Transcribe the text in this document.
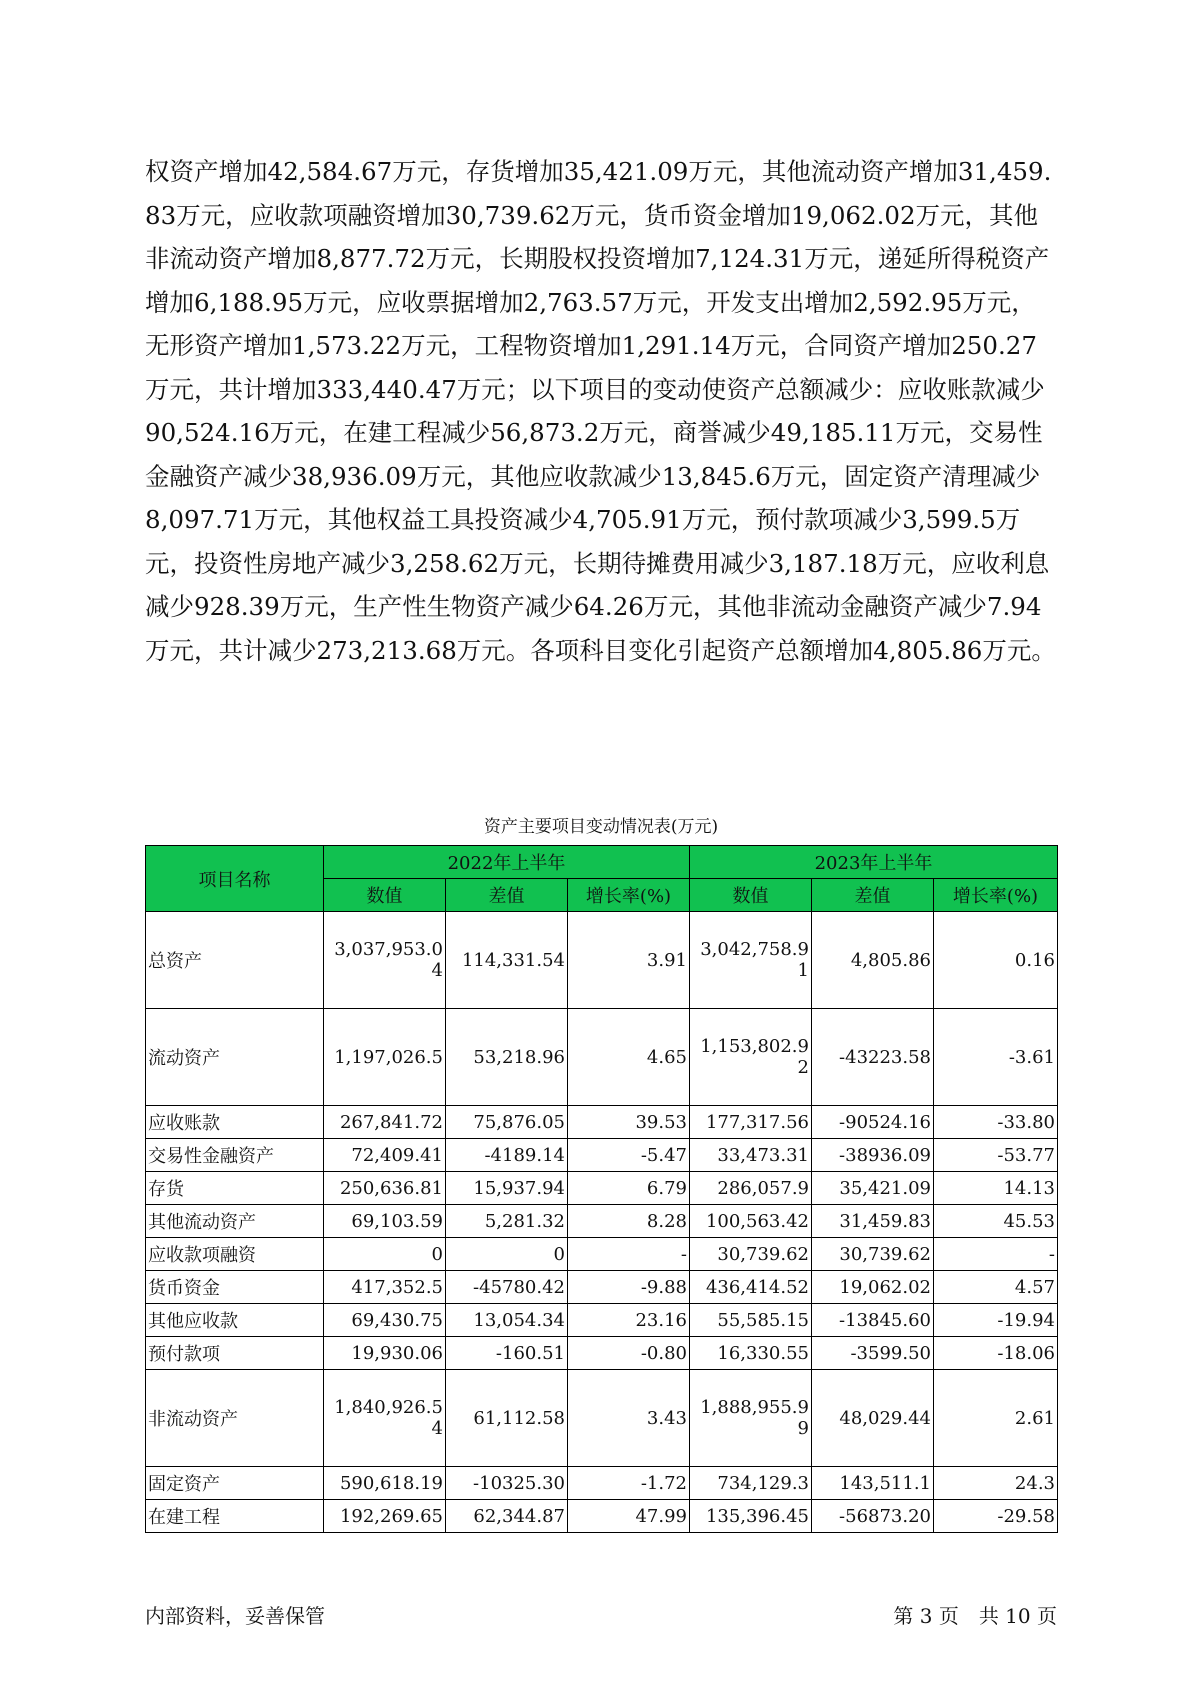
权资产增加42,584.67万元，存货增加35,421.09万元，其他流动资产增加31,459.83万元，应收款项融资增加30,739.62万元，货币资金增加19,062.02万元，其他非流动资产增加8,877.72万元，长期股权投资增加7,124.31万元，递延所得税资产增加6,188.95万元，应收票据增加2,763.57万元，开发支出增加2,592.95万元，无形资产增加1,573.22万元，工程物资增加1,291.14万元，合同资产增加250.27万元，共计增加333,440.47万元；以下项目的变动使资产总额减少：应收账款减少90,524.16万元，在建工程减少56,873.2万元，商誉减少49,185.11万元，交易性金融资产减少38,936.09万元，其他应收款减少13,845.6万元，固定资产清理减少8,097.71万元，其他权益工具投资减少4,705.91万元，预付款项减少3,599.5万元，投资性房地产减少3,258.62万元，长期待摊费用减少3,187.18万元，应收利息减少928.39万元，生产性生物资产减少64.26万元，其他非流动金融资产减少7.94万元，共计减少273,213.68万元。各项科目变化引起资产总额增加4,805.86万元。

资产主要项目变动情况表(万元)
项目名称	2022年上半年			2023年上半年		
	数值	差值	增长率(%)	数值	差值	增长率(%)
总资产	3,037,953.04	114,331.54	3.91	3,042,758.91	4,805.86	0.16
流动资产	1,197,026.5	53,218.96	4.65	1,153,802.92	-43223.58	-3.61
应收账款	267,841.72	75,876.05	39.53	177,317.56	-90524.16	-33.80
交易性金融资产	72,409.41	-4189.14	-5.47	33,473.31	-38936.09	-53.77
存货	250,636.81	15,937.94	6.79	286,057.9	35,421.09	14.13
其他流动资产	69,103.59	5,281.32	8.28	100,563.42	31,459.83	45.53
应收款项融资	0	0	-	30,739.62	30,739.62	-
货币资金	417,352.5	-45780.42	-9.88	436,414.52	19,062.02	4.57
其他应收款	69,430.75	13,054.34	23.16	55,585.15	-13845.60	-19.94
预付款项	19,930.06	-160.51	-0.80	16,330.55	-3599.50	-18.06
非流动资产	1,840,926.54	61,112.58	3.43	1,888,955.99	48,029.44	2.61
固定资产	590,618.19	-10325.30	-1.72	734,129.3	143,511.1	24.3
在建工程	192,269.65	62,344.87	47.99	135,396.45	-56873.20	-29.58
内部资料，妥善保管	第 3 页　共 10 页
